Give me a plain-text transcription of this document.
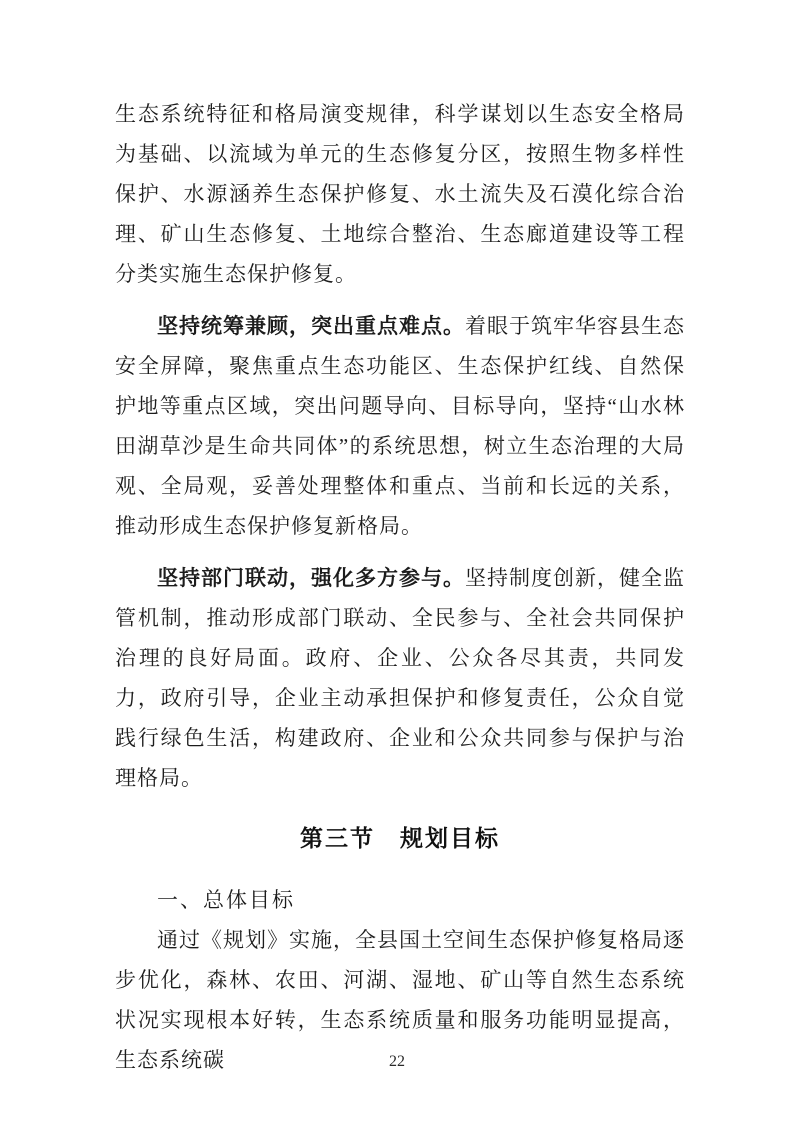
生态系统特征和格局演变规律，科学谋划以生态安全格局为基础、以流域为单元的生态修复分区，按照生物多样性保护、水源涵养生态保护修复、水土流失及石漠化综合治理、矿山生态修复、土地综合整治、生态廊道建设等工程分类实施生态保护修复。

坚持统筹兼顾，突出重点难点。着眼于筑牢华容县生态安全屏障，聚焦重点生态功能区、生态保护红线、自然保护地等重点区域，突出问题导向、目标导向，坚持“山水林田湖草沙是生命共同体”的系统思想，树立生态治理的大局观、全局观，妥善处理整体和重点、当前和长远的关系，推动形成生态保护修复新格局。

坚持部门联动，强化多方参与。坚持制度创新，健全监管机制，推动形成部门联动、全民参与、全社会共同保护治理的良好局面。政府、企业、公众各尽其责，共同发力，政府引导，企业主动承担保护和修复责任，公众自觉践行绿色生活，构建政府、企业和公众共同参与保护与治理格局。

第三节　规划目标
一、总体目标

通过《规划》实施，全县国土空间生态保护修复格局逐步优化，森林、农田、河湖、湿地、矿山等自然生态系统状况实现根本好转，生态系统质量和服务功能明显提高，生态系统碳	22
